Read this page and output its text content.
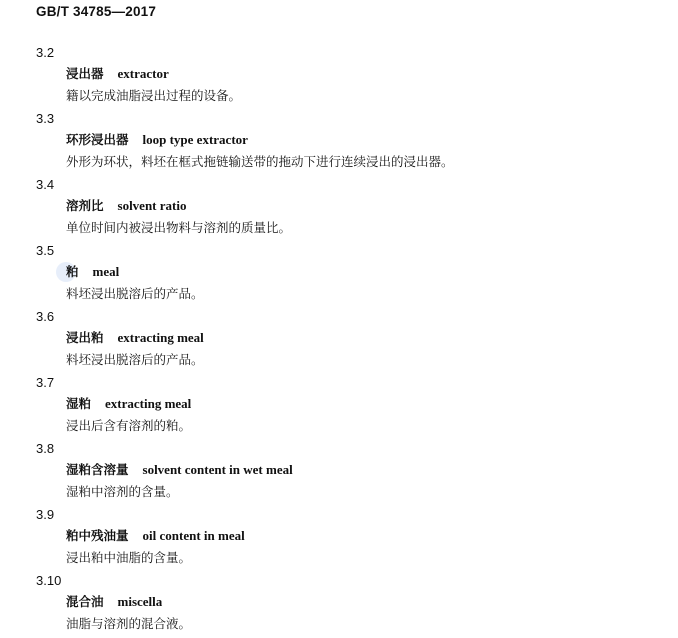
GB/T 34785—2017
3.2
浸出器 extractor
籍以完成油脂浸出过程的设备。
3.3
环形浸出器 loop type extractor
外形为环状，料坯在框式拖链输送带的拖动下进行连续浸出的浸出器。
3.4
溶剂比 solvent ratio
单位时间内被浸出物料与溶剂的质量比。
3.5
粕 meal
料坯浸出脱溶后的产品。
3.6
浸出粕 extracting meal
料坯浸出脱溶后的产品。
3.7
湿粕 extracting meal
浸出后含有溶剂的粕。
3.8
湿粕含溶量 solvent content in wet meal
湿粕中溶剂的含量。
3.9
粕中残油量 oil content in meal
浸出粕中油脂的含量。
3.10
混合油 miscella
油脂与溶剂的混合液。
